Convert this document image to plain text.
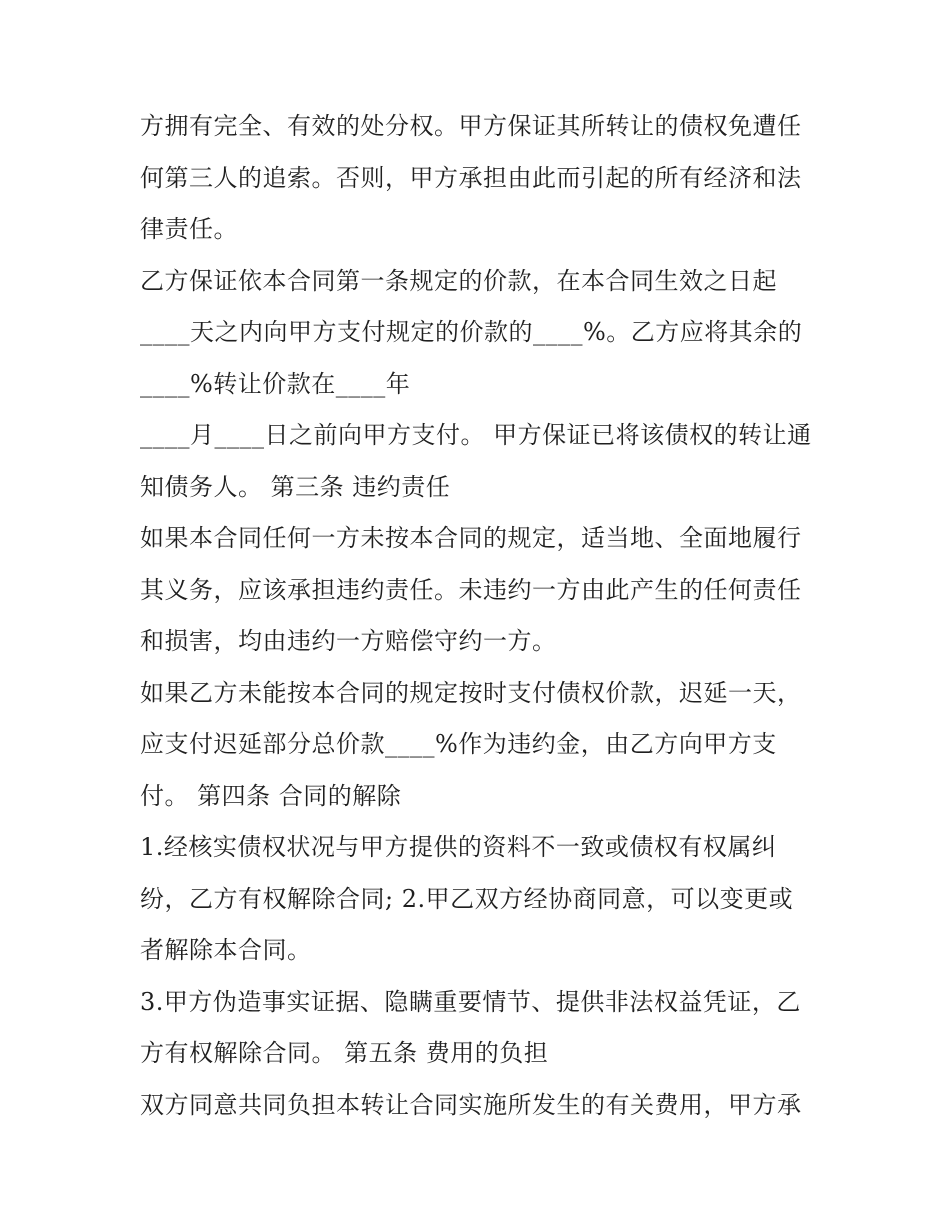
方拥有完全、有效的处分权。甲方保证其所转让的债权免遭任
何第三人的追索。否则，甲方承担由此而引起的所有经济和法
律责任。
乙方保证依本合同第一条规定的价款，在本合同生效之日起
____天之内向甲方支付规定的价款的____%。乙方应将其余的
____%转让价款在____年
____月____日之前向甲方支付。 甲方保证已将该债权的转让通
知债务人。 第三条 违约责任
如果本合同任何一方未按本合同的规定，适当地、全面地履行
其义务，应该承担违约责任。未违约一方由此产生的任何责任
和损害，均由违约一方赔偿守约一方。
如果乙方未能按本合同的规定按时支付债权价款，迟延一天，
应支付迟延部分总价款____%作为违约金，由乙方向甲方支
付。 第四条 合同的解除
1.经核实债权状况与甲方提供的资料不一致或债权有权属纠
纷，乙方有权解除合同; 2.甲乙双方经协商同意，可以变更或
者解除本合同。
3.甲方伪造事实证据、隐瞒重要情节、提供非法权益凭证，乙
方有权解除合同。 第五条 费用的负担
双方同意共同负担本转让合同实施所发生的有关费用，甲方承
